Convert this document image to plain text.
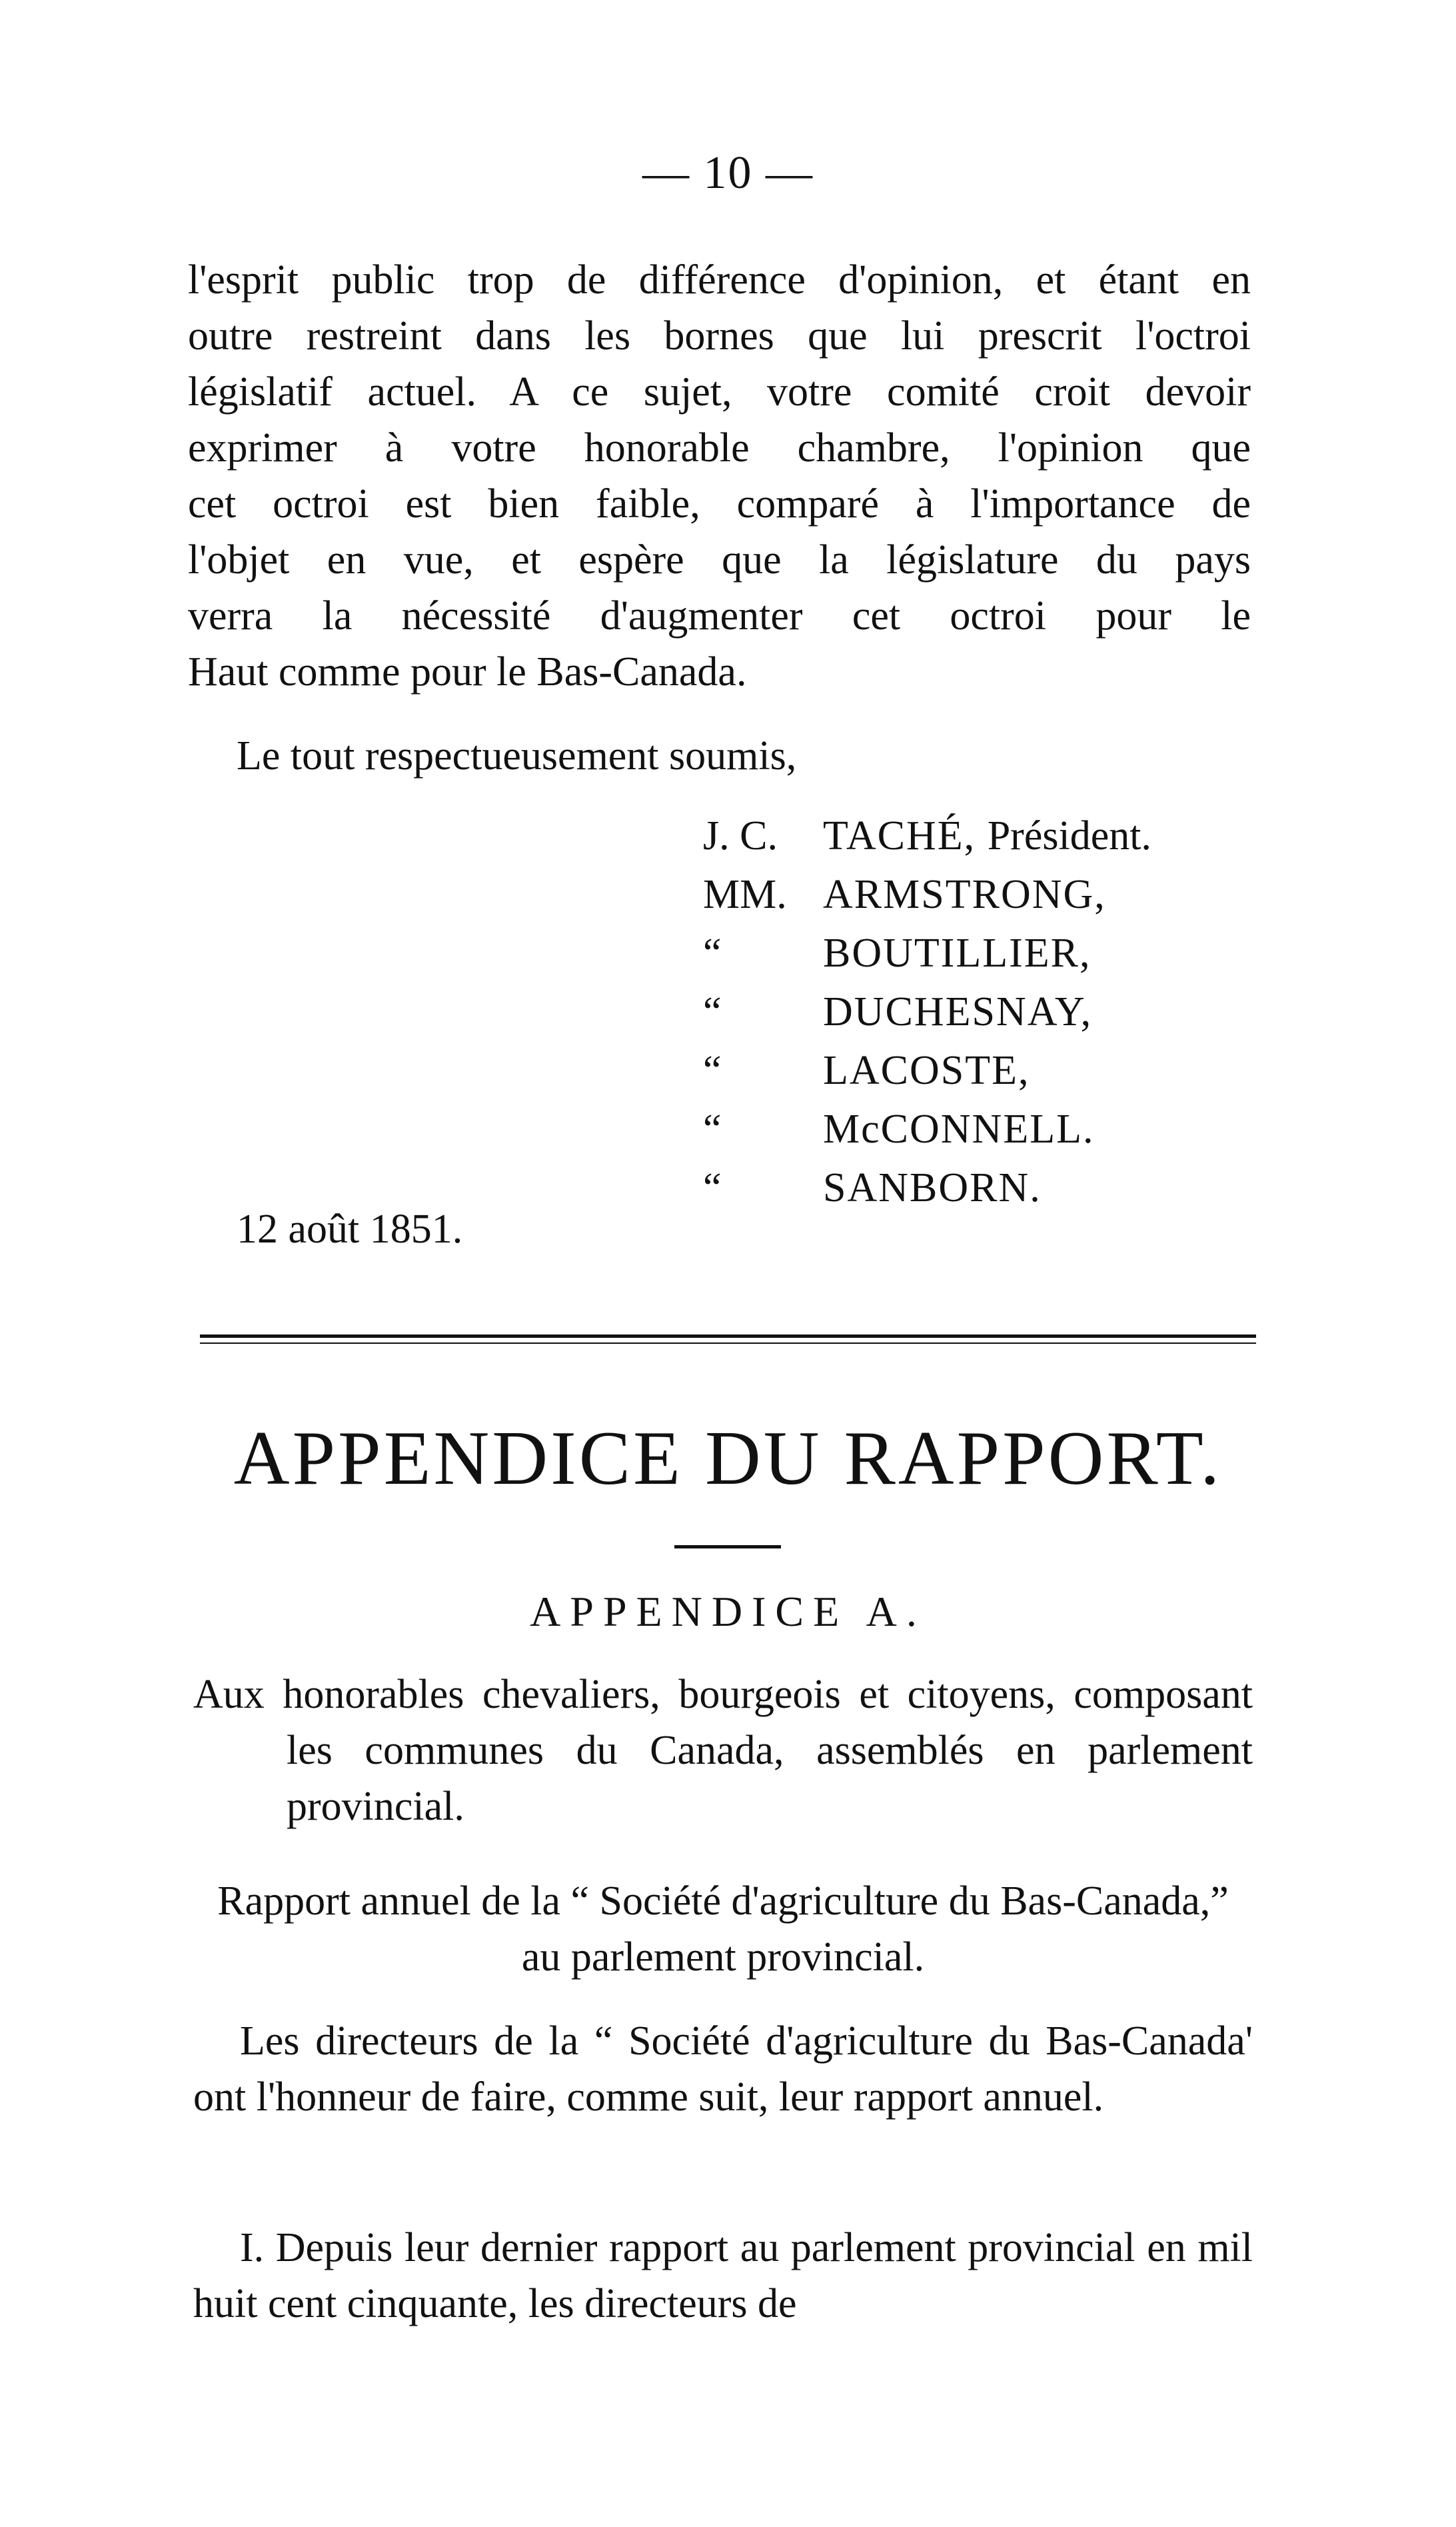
— 10 —
l'esprit public trop de différence d'opinion, et étant en
outre restreint dans les bornes que lui prescrit l'octroi
législatif actuel. A ce sujet, votre comité croit devoir
exprimer à votre honorable chambre, l'opinion que
cet octroi est bien faible, comparé à l'importance de
l'objet en vue, et espère que la législature du pays
verra la nécessité d'augmenter cet octroi pour le
Haut comme pour le Bas-Canada.
Le tout respectueusement soumis,
J. C.	TACHÉ, Président.
MM. ARMSTRONG,
“	BOUTILLIER,
“	DUCHESNAY,
“	LACOSTE,
“	McCONNELL.
“	SANBORN.
12 août 1851.
APPENDICE DU RAPPORT.
APPENDICE A.
Aux honorables chevaliers, bourgeois et citoyens, composant les communes du Canada, assemblés en parlement provincial.
Rapport annuel de la “ Société d'agriculture du Bas-Canada,” au parlement provincial.
Les directeurs de la “ Société d'agriculture du Bas-Canada' ont l'honneur de faire, comme suit, leur rapport annuel.
I. Depuis leur dernier rapport au parlement provincial en mil huit cent cinquante, les directeurs de
